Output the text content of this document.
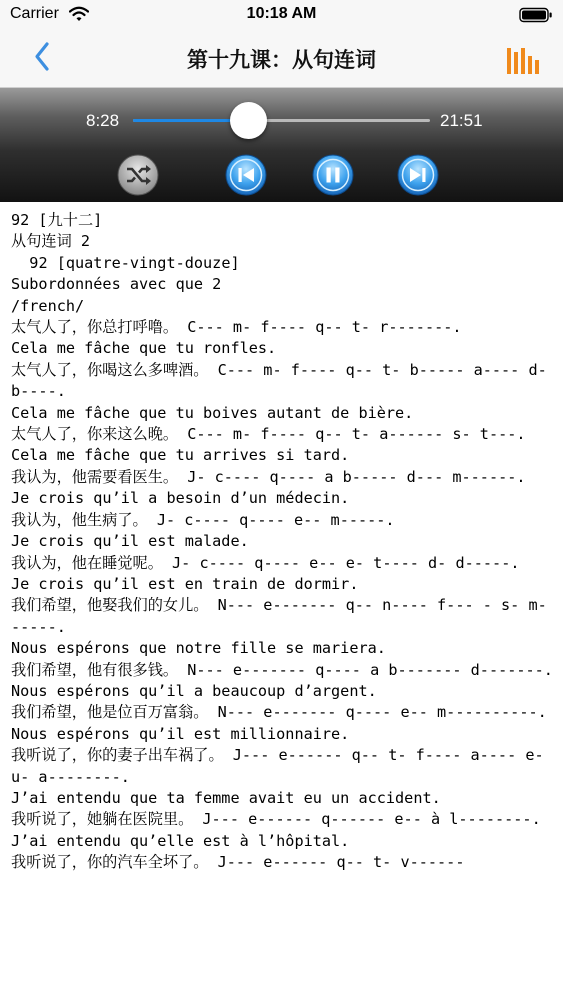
Carrier	10:18 AM
第十九课：从句连词
8:28	21:51
92 [九十二]
从句连词 2
92 [quatre-vingt-douze]
Subordonnées avec que 2
/french/
太气人了，你总打呼噜。 C--- m- f---- q-- t- r-------.
Cela me fâche que tu ronfles.
太气人了，你喝这么多啤酒。 C--- m- f---- q-- t- b----- a---- d- b----.
Cela me fâche que tu boives autant de bière.
太气人了，你来这么晚。 C--- m- f---- q-- t- a------ s- t---.
Cela me fâche que tu arrives si tard.
我认为，他需要看医生。 J- c---- q---- a b----- d--- m------.
Je crois qu’il a besoin d’un médecin.
我认为，他生病了。 J- c---- q---- e-- m-----.
Je crois qu’il est malade.
我认为，他在睡觉呢。 J- c---- q---- e-- e- t---- d- d-----.
Je crois qu’il est en train de dormir.
我们希望，他娶我们的女儿。 N--- e------- q-- n---- f--- - s- m------.
Nous espérons que notre fille se mariera.
我们希望，他有很多钱。 N--- e------- q---- a b------- d-------.
Nous espérons qu’il a beaucoup d’argent.
我们希望，他是位百万富翁。 N--- e------- q---- e-- m----------.
Nous espérons qu’il est millionnaire.
我听说了，你的妻子出车祸了。 J--- e------ q-- t- f---- a---- e- u- a--------.
J’ai entendu que ta femme avait eu un accident.
我听说了，她躺在医院里。 J--- e------ q------ e-- à l--------.
J’ai entendu qu’elle est à l’hôpital.
我听说了，你的汽车全坏了。 J--- e------ q-- t- v------
